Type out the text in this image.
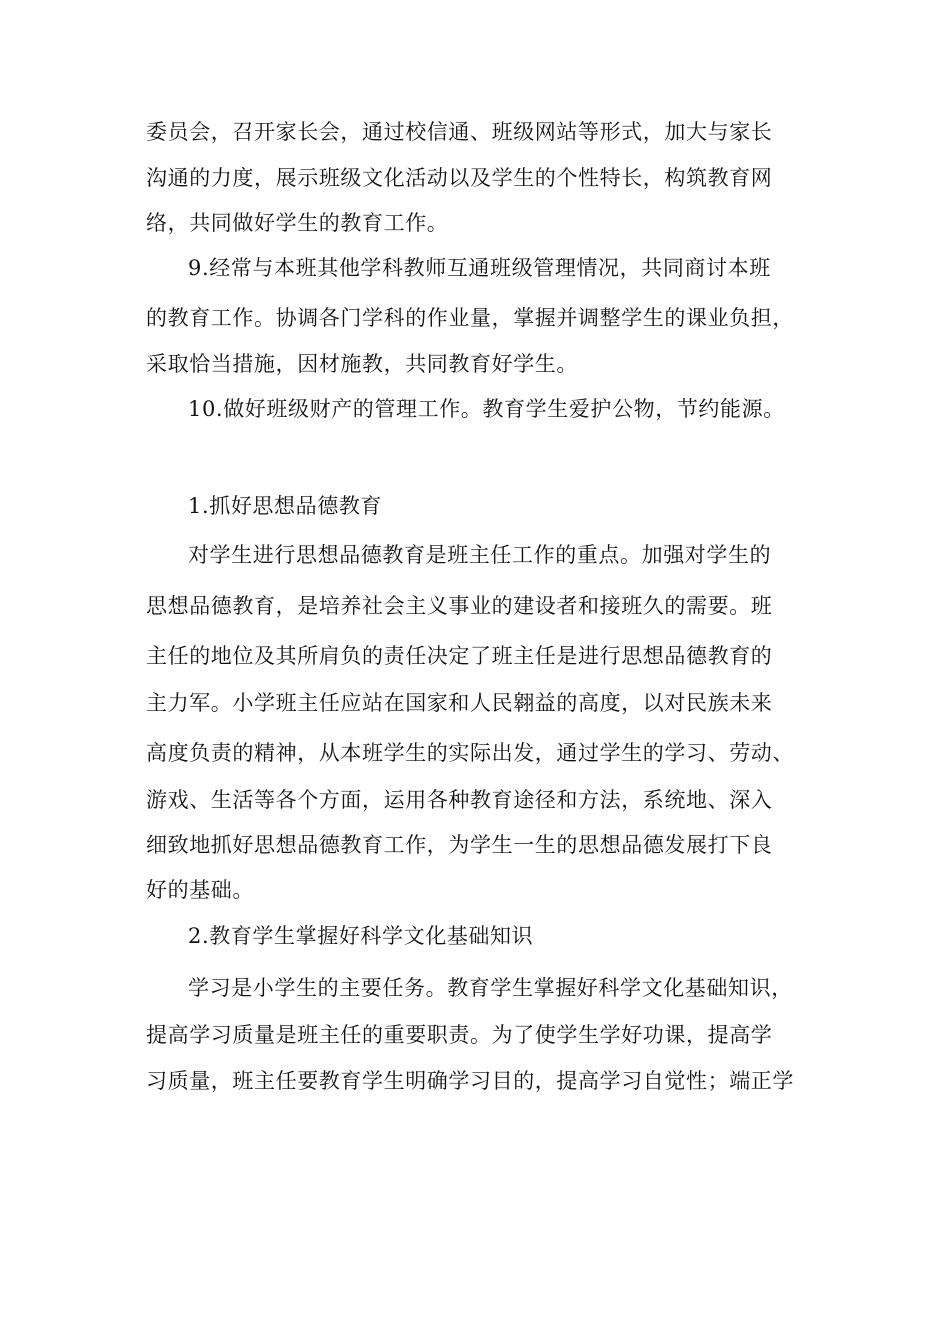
委员会，召开家长会，通过校信通、班级网站等形式，加大与家长

沟通的力度，展示班级文化活动以及学生的个性特长，构筑教育网

络，共同做好学生的教育工作。

9.经常与本班其他学科教师互通班级管理情况，共同商讨本班

的教育工作。协调各门学科的作业量，掌握并调整学生的课业负担，

采取恰当措施，因材施教，共同教育好学生。

10.做好班级财产的管理工作。教育学生爱护公物，节约能源。

1.抓好思想品德教育

对学生进行思想品德教育是班主任工作的重点。加强对学生的

思想品德教育，是培养社会主义事业的建设者和接班久的需要。班

主任的地位及其所肩负的责任决定了班主任是进行思想品德教育的

主力军。小学班主任应站在国家和人民翱益的高度，以对民族未来

高度负责的精神，从本班学生的实际出发，通过学生的学习、劳动、

游戏、生活等各个方面，运用各种教育途径和方法，系统地、深入

细致地抓好思想品德教育工作，为学生一生的思想品德发展打下良

好的基础。

2.教育学生掌握好科学文化基础知识

学习是小学生的主要任务。教育学生掌握好科学文化基础知识，

提高学习质量是班主任的重要职责。为了使学生学好功课，提高学

习质量，班主任要教育学生明确学习目的，提高学习自觉性；端正学
